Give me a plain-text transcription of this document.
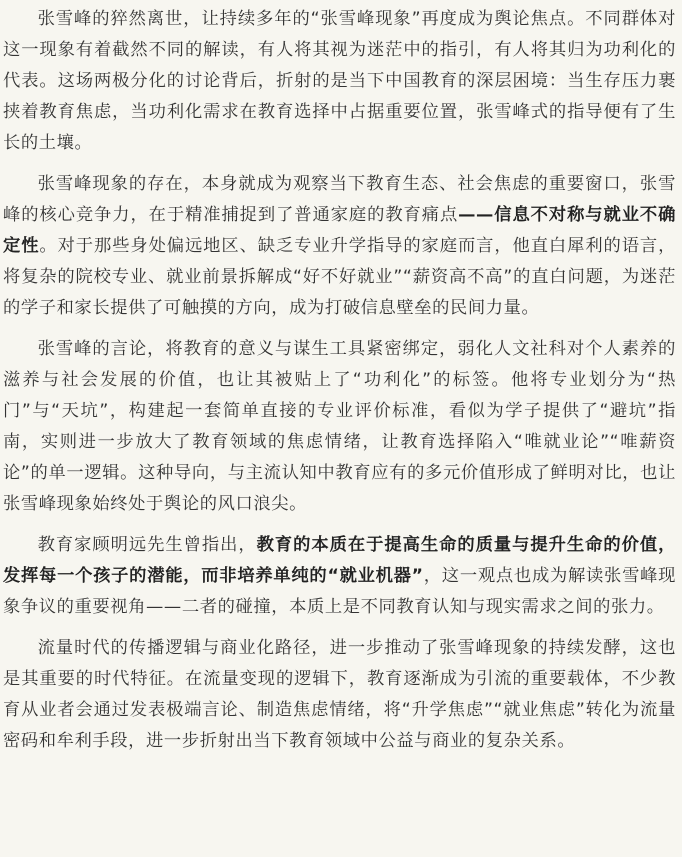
张雪峰的猝然离世，让持续多年的“张雪峰现象”再度成为舆论焦点。不同群体对这一现象有着截然不同的解读，有人将其视为迷茫中的指引，有人将其归为功利化的代表。这场两极分化的讨论背后，折射的是当下中国教育的深层困境：当生存压力裹挟着教育焦虑，当功利化需求在教育选择中占据重要位置，张雪峰式的指导便有了生长的土壤。

张雪峰现象的存在，本身就成为观察当下教育生态、社会焦虑的重要窗口，张雪峰的核心竞争力，在于精准捕捉到了普通家庭的教育痛点——信息不对称与就业不确定性。对于那些身处偏远地区、缺乏专业升学指导的家庭而言，他直白犀利的语言，将复杂的院校专业、就业前景拆解成“好不好就业”“薪资高不高”的直白问题，为迷茫的学子和家长提供了可触摸的方向，成为打破信息壁垒的民间力量。

张雪峰的言论，将教育的意义与谋生工具紧密绑定，弱化人文社科对个人素养的滋养与社会发展的价值，也让其被贴上了“功利化”的标签。他将专业划分为“热门”与“天坑”，构建起一套简单直接的专业评价标准，看似为学子提供了“避坑”指南，实则进一步放大了教育领域的焦虑情绪，让教育选择陷入“唯就业论”“唯薪资论”的单一逻辑。这种导向，与主流认知中教育应有的多元价值形成了鲜明对比，也让张雪峰现象始终处于舆论的风口浪尖。

教育家顾明远先生曾指出，教育的本质在于提高生命的质量与提升生命的价值，发挥每一个孩子的潜能，而非培养单纯的“就业机器”，这一观点也成为解读张雪峰现象争议的重要视角——二者的碰撞，本质上是不同教育认知与现实需求之间的张力。

流量时代的传播逻辑与商业化路径，进一步推动了张雪峰现象的持续发酵，这也是其重要的时代特征。在流量变现的逻辑下，教育逐渐成为引流的重要载体，不少教育从业者会通过发表极端言论、制造焦虑情绪，将“升学焦虑”“就业焦虑”转化为流量密码和牟利手段，进一步折射出当下教育领域中公益与商业的复杂关系。
